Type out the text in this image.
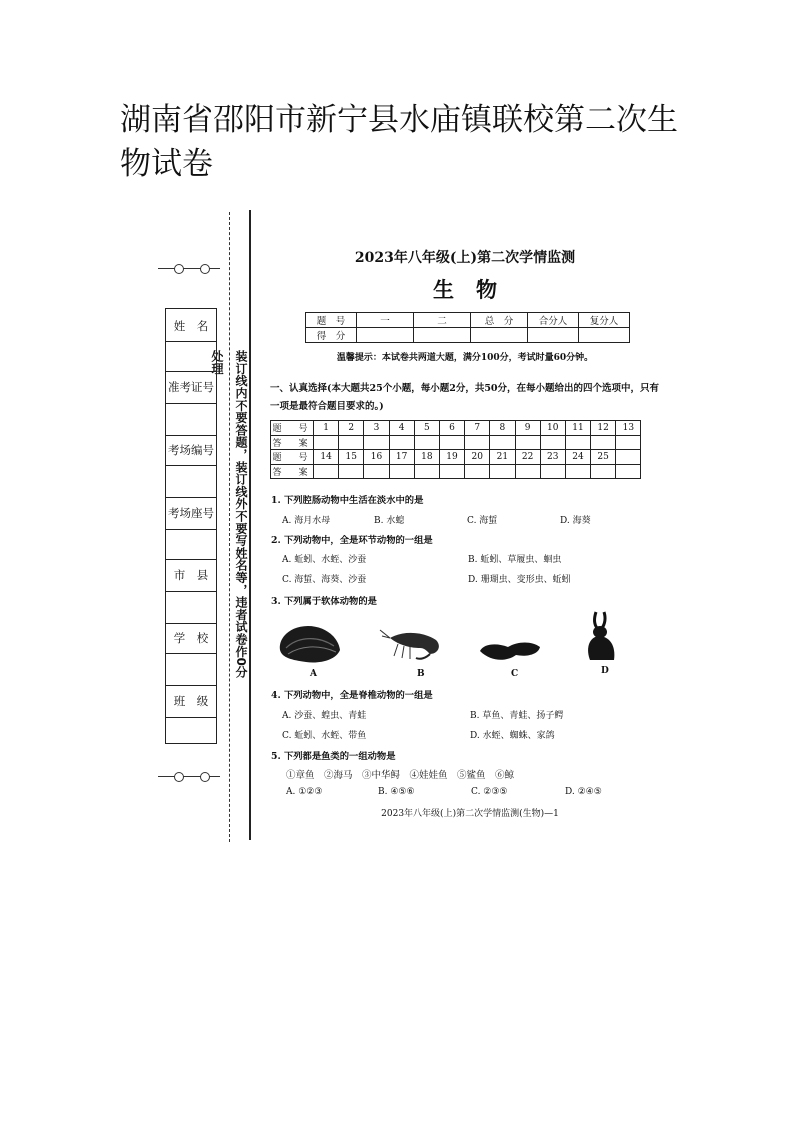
湖南省邵阳市新宁县水庙镇联校第二次生物试卷
装订线内不要答题，装订线外不要写姓名等，违者试卷作0分处理
姓　名
准考证号
考场编号
考场座号
市　县
学　校
班　级
2023年八年级(上)第二次学情监测
生物
题　号	一	二	总　分	合分人	复分人
得　分					
温馨提示：本试卷共两道大题，满分100分，考试时量60分钟。
一、认真选择(本大题共25个小题，每小题2分，共50分，在每小题给出的四个选项中，只有一项是最符合题目要求的。)
题　号	1	2	3	4	5	6	7	8	9	10	11	12	13
答　案													
题　号	14	15	16	17	18	19	20	21	22	23	24	25	
答　案													
1. 下列腔肠动物中生活在淡水中的是
A. 海月水母	B. 水螅	C. 海蜇	D. 海葵
2. 下列动物中，全是环节动物的一组是
A. 蚯蚓、水蛭、沙蚕	B. 蚯蚓、草履虫、蛔虫
C. 海蜇、海葵、沙蚕	D. 珊瑚虫、变形虫、蚯蚓
3. 下列属于软体动物的是
A	B	C	D
4. 下列动物中，全是脊椎动物的一组是
A. 沙蚕、蝗虫、青蛙	B. 草鱼、青蛙、扬子鳄
C. 蚯蚓、水蛭、带鱼	D. 水蛭、蜘蛛、家鸽
5. 下列都是鱼类的一组动物是
①章鱼　②海马　③中华鲟　④娃娃鱼　⑤鲨鱼　⑥鲸
A. ①②③	B. ④⑤⑥	C. ②③⑤	D. ②④⑤
2023年八年级(上)第二次学情监测(生物)—1
